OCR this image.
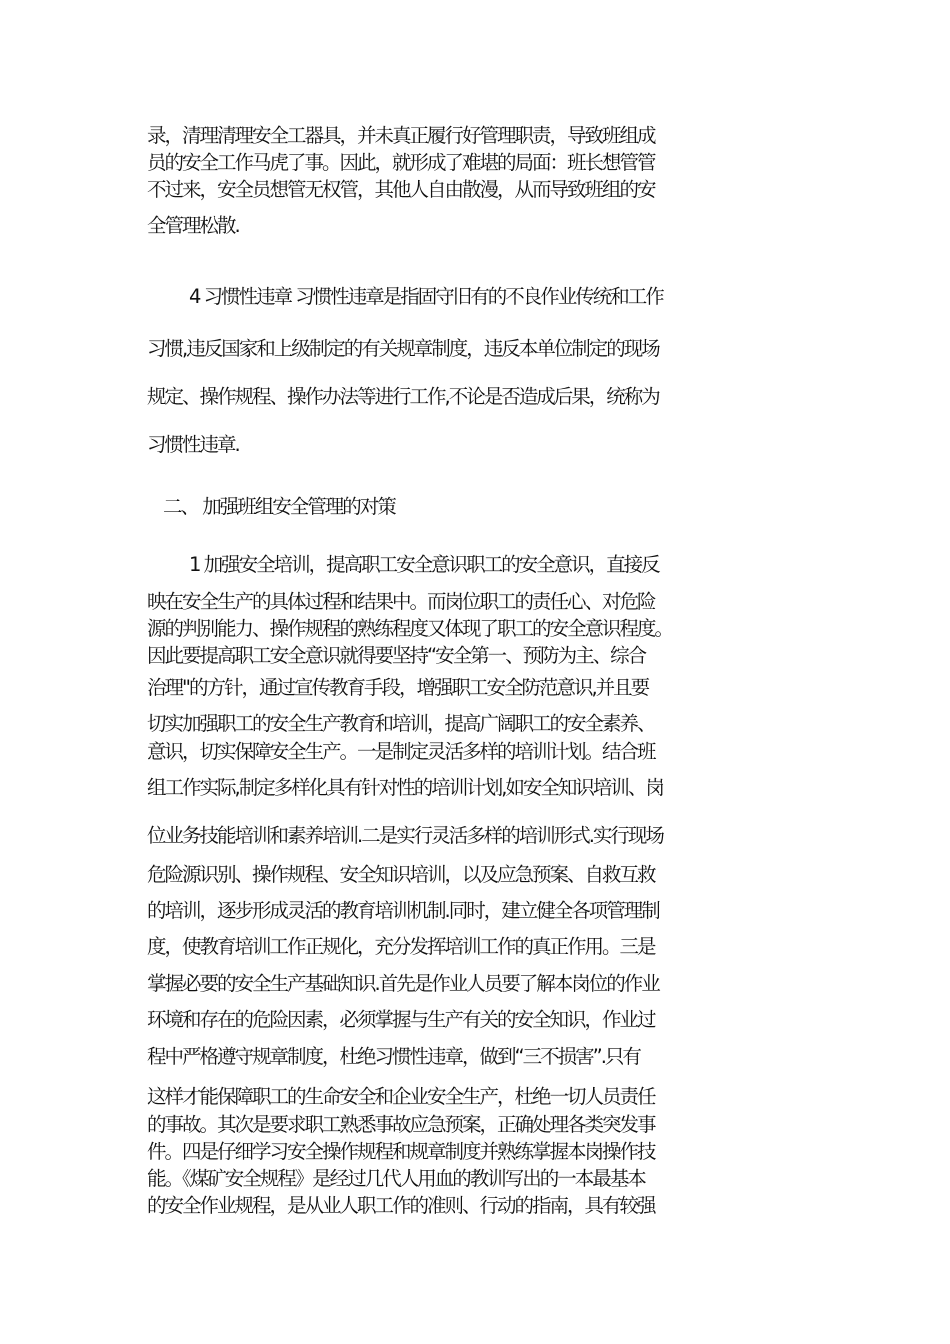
录，清理清理安全工器具，并未真正履行好管理职责，导致班组成
员的安全工作马虎了事。因此，就形成了难堪的局面：班长想管管
不过来，安全员想管无权管，其他人自由散漫，从而导致班组的安
全管理松散.
4 习惯性违章 习惯性违章是指固守旧有的不良作业传统和工作
习惯,违反国家和上级制定的有关规章制度，违反本单位制定的现场
规定、操作规程、操作办法等进行工作,不论是否造成后果，统称为
习惯性违章.
二、 加强班组安全管理的对策
1 加强安全培训，提高职工安全意识职工的安全意识，直接反
映在安全生产的具体过程和结果中。而岗位职工的责任心、对危险
源的判别能力、操作规程的熟练程度又体现了职工的安全意识程度。
因此要提高职工安全意识就得要坚持“安全第一、预防为主、综合
治理"的方针，通过宣传教育手段，增强职工安全防范意识,并且要
切实加强职工的安全生产教育和培训，提高广阔职工的安全素养、
意识，切实保障安全生产。一是制定灵活多样的培训计划。结合班
组工作实际,制定多样化具有针对性的培训计划,如安全知识培训、岗
位业务技能培训和素养培训.二是实行灵活多样的培训形式.实行现场
危险源识别、操作规程、安全知识培训，以及应急预案、自救互救
的培训，逐步形成灵活的教育培训机制.同时，建立健全各项管理制
度，使教育培训工作正规化，充分发挥培训工作的真正作用。三是
掌握必要的安全生产基础知识.首先是作业人员要了解本岗位的作业
环境和存在的危险因素，必须掌握与生产有关的安全知识，作业过
程中严格遵守规章制度，杜绝习惯性违章，做到“三不损害”.只有
这样才能保障职工的生命安全和企业安全生产，杜绝一切人员责任
的事故。其次是要求职工熟悉事故应急预案，正确处理各类突发事
件。四是仔细学习安全操作规程和规章制度并熟练掌握本岗操作技
能。《煤矿安全规程》是经过几代人用血的教训写出的一本最基本
的安全作业规程，是从业人职工作的准则、行动的指南，具有较强
